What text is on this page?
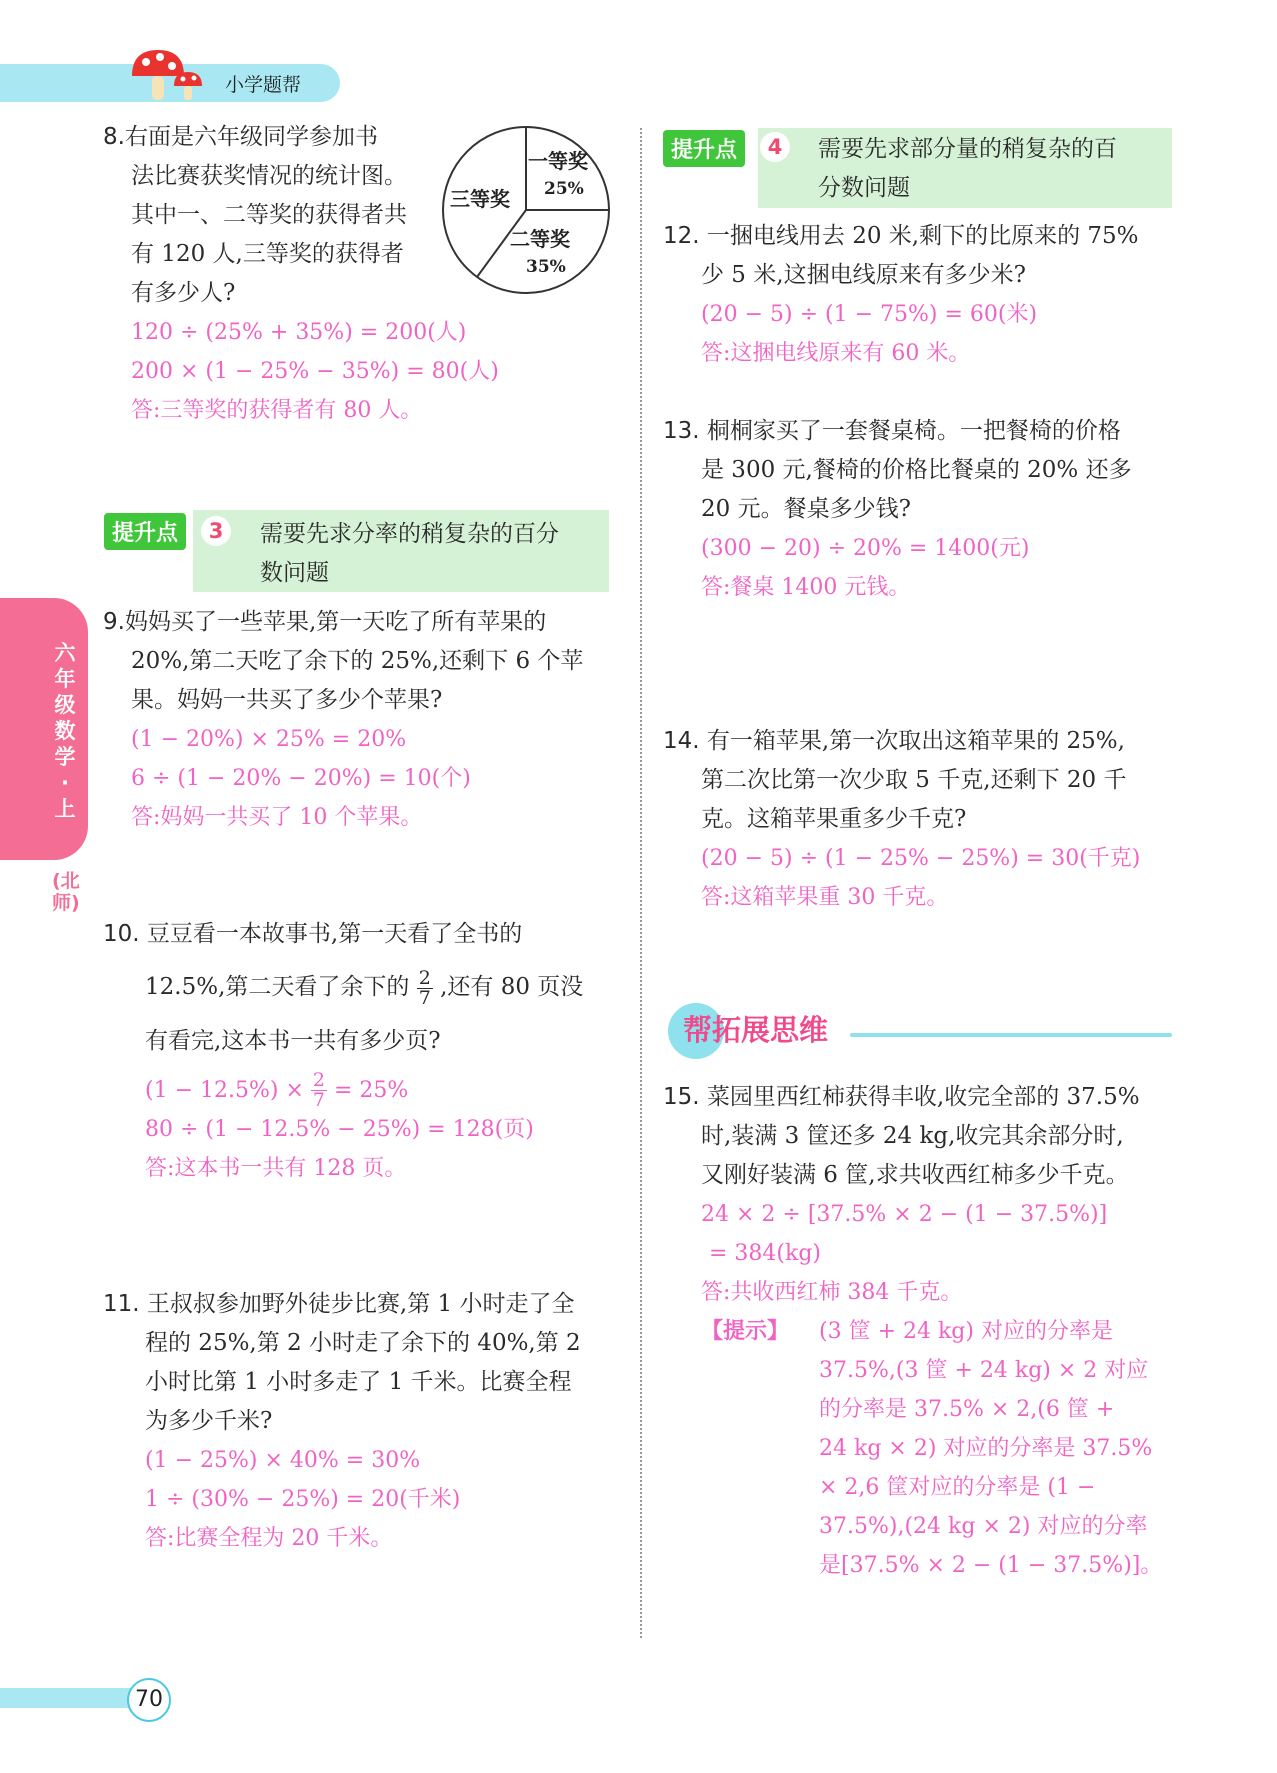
小学题帮
六年级数学·上
(北师)
8.右面是六年级同学参加书
法比赛获奖情况的统计图。
其中一、二等奖的获得者共
有 120 人,三等奖的获得者
有多少人?
120 ÷ (25% + 35%) = 200(人)
200 × (1 − 25% − 35%) = 80(人)
答:三等奖的获得者有 80 人。
三等奖
一等奖
25%
二等奖
35%
提升点	3	需要先求分率的稍复杂的百分
数问题
9.妈妈买了一些苹果,第一天吃了所有苹果的
20%,第二天吃了余下的 25%,还剩下 6 个苹
果。妈妈一共买了多少个苹果?
(1 − 20%) × 25% = 20%
6 ÷ (1 − 20% − 20%) = 10(个)
答:妈妈一共买了 10 个苹果。
10. 豆豆看一本故事书,第一天看了全书的
12.5%,第二天看了余下的 $\frac{2}{7}$ ,还有 80 页没
有看完,这本书一共有多少页?
$(1 - 12.5\%) \times \frac{2}{7} = 25\%$
80 ÷ (1 − 12.5% − 25%) = 128(页)
答:这本书一共有 128 页。
11. 王叔叔参加野外徒步比赛,第 1 小时走了全
程的 25%,第 2 小时走了余下的 40%,第 2
小时比第 1 小时多走了 1 千米。比赛全程
为多少千米?
(1 − 25%) × 40% = 30%
1 ÷ (30% − 25%) = 20(千米)
答:比赛全程为 20 千米。
提升点	4	需要先求部分量的稍复杂的百
分数问题
12. 一捆电线用去 20 米,剩下的比原来的 75%
少 5 米,这捆电线原来有多少米?
(20 − 5) ÷ (1 − 75%) = 60(米)
答:这捆电线原来有 60 米。
13. 桐桐家买了一套餐桌椅。一把餐椅的价格
是 300 元,餐椅的价格比餐桌的 20% 还多
20 元。餐桌多少钱?
(300 − 20) ÷ 20% = 1400(元)
答:餐桌 1400 元钱。
14. 有一箱苹果,第一次取出这箱苹果的 25%,
第二次比第一次少取 5 千克,还剩下 20 千
克。这箱苹果重多少千克?
(20 − 5) ÷ (1 − 25% − 25%) = 30(千克)
答:这箱苹果重 30 千克。
帮拓展思维
15. 菜园里西红柿获得丰收,收完全部的 37.5%
时,装满 3 筐还多 24 kg,收完其余部分时,
又刚好装满 6 筐,求共收西红柿多少千克。
24 × 2 ÷ [37.5% × 2 − (1 − 37.5%)]
= 384(kg)
答:共收西红柿 384 千克。
【提示】 (3 筐 + 24 kg) 对应的分率是
37.5%,(3 筐 + 24 kg) × 2 对应
的分率是 37.5% × 2,(6 筐 +
24 kg × 2) 对应的分率是 37.5%
× 2,6 筐对应的分率是 (1 −
37.5%),(24 kg × 2) 对应的分率
是[37.5% × 2 − (1 − 37.5%)]。
70
